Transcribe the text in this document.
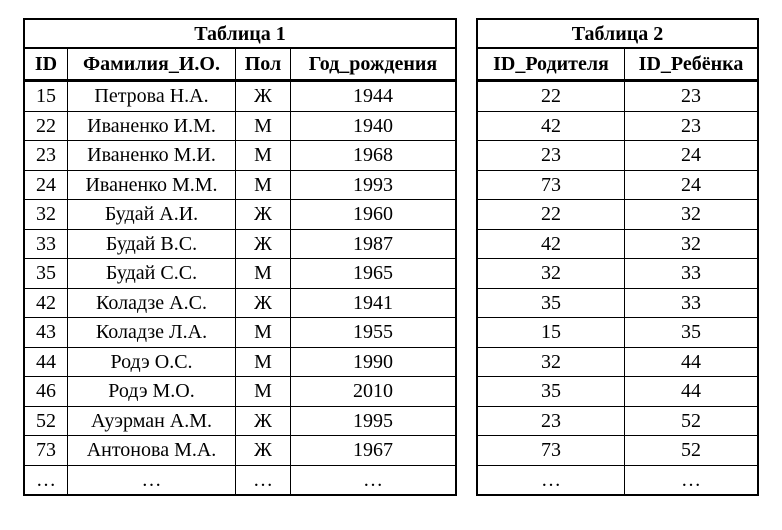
Таблица 1			
ID	Фамилия_И.О.	Пол	Год_рождения
15	Петрова Н.А.	Ж	1944
22	Иваненко И.М.	М	1940
23	Иваненко М.И.	М	1968
24	Иваненко М.М.	М	1993
32	Будай А.И.	Ж	1960
33	Будай В.С.	Ж	1987
35	Будай С.С.	М	1965
42	Коладзе А.С.	Ж	1941
43	Коладзе Л.А.	М	1955
44	Родэ О.С.	М	1990
46	Родэ М.О.	М	2010
52	Ауэрман А.М.	Ж	1995
73	Антонова М.А.	Ж	1967
…	…	…	…
Таблица 2	
ID_Родителя	ID_Ребёнка
22	23
42	23
23	24
73	24
22	32
42	32
32	33
35	33
15	35
32	44
35	44
23	52
73	52
…	…
